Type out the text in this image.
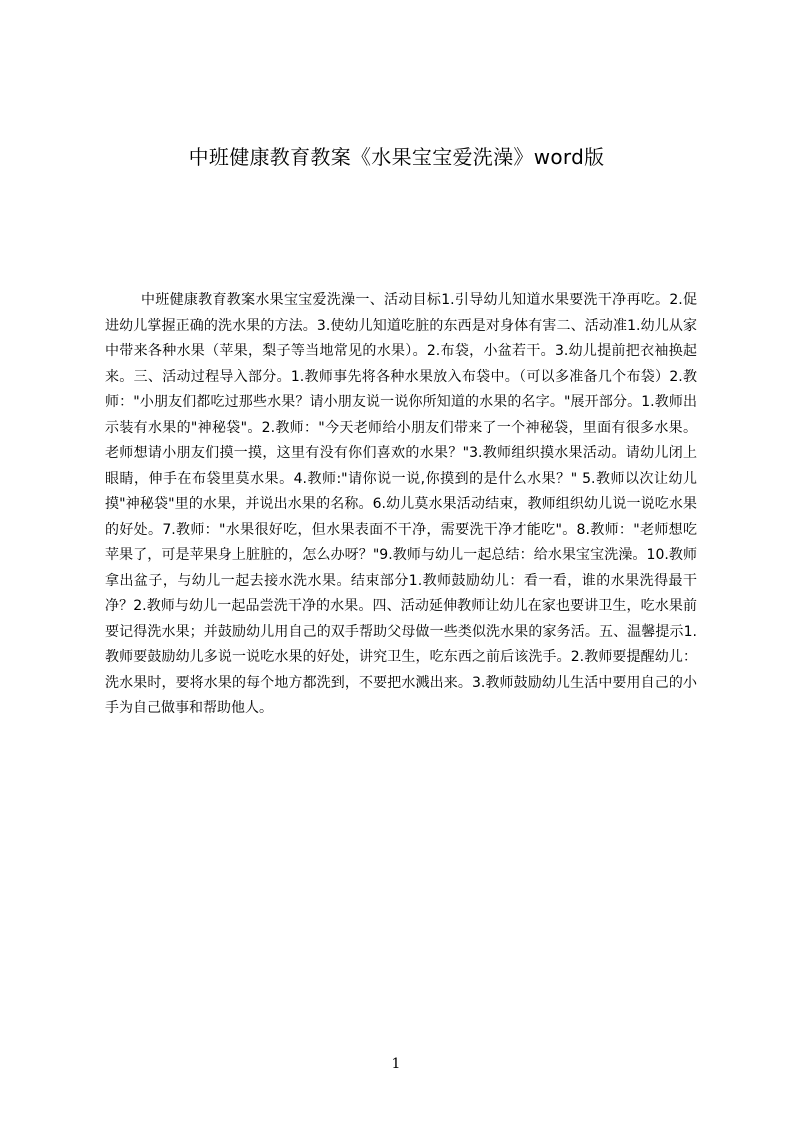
中班健康教育教案《水果宝宝爱洗澡》word版

中班健康教育教案水果宝宝爱洗澡一、活动目标1.引导幼儿知道水果要洗干净再吃。2.促进幼儿掌握正确的洗水果的方法。3.使幼儿知道吃脏的东西是对身体有害二、活动准1.幼儿从家中带来各种水果（苹果，梨子等当地常见的水果）。2.布袋，小盆若干。3.幼儿提前把衣袖换起来。三、活动过程导入部分。1.教师事先将各种水果放入布袋中。（可以多准备几个布袋）2.教师："小朋友们都吃过那些水果？请小朋友说一说你所知道的水果的名字。"展开部分。1.教师出示装有水果的"神秘袋"。2.教师："今天老师给小朋友们带来了一个神秘袋，里面有很多水果。老师想请小朋友们摸一摸，这里有没有你们喜欢的水果？"3.教师组织摸水果活动。请幼儿闭上眼睛，伸手在布袋里莫水果。4.教师:"请你说一说,你摸到的是什么水果？" 5.教师以次让幼儿摸"神秘袋"里的水果，并说出水果的名称。6.幼儿莫水果活动结束，教师组织幼儿说一说吃水果的好处。7.教师："水果很好吃，但水果表面不干净，需要洗干净才能吃"。8.教师："老师想吃苹果了，可是苹果身上脏脏的，怎么办呀？"9.教师与幼儿一起总结：给水果宝宝洗澡。10.教师拿出盆子，与幼儿一起去接水洗水果。结束部分1.教师鼓励幼儿：看一看，谁的水果洗得最干净？2.教师与幼儿一起品尝洗干净的水果。四、活动延伸教师让幼儿在家也要讲卫生，吃水果前要记得洗水果；并鼓励幼儿用自己的双手帮助父母做一些类似洗水果的家务活。五、温馨提示1.教师要鼓励幼儿多说一说吃水果的好处，讲究卫生，吃东西之前后该洗手。2.教师要提醒幼儿：洗水果时，要将水果的每个地方都洗到，不要把水溅出来。3.教师鼓励幼儿生活中要用自己的小手为自己做事和帮助他人。

1
